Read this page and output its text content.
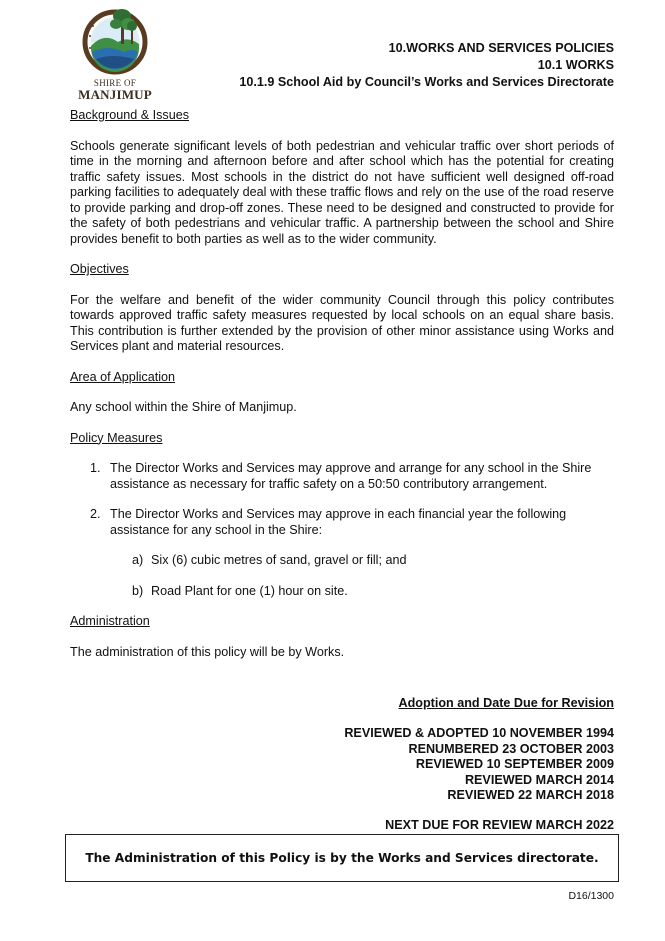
SHIRE OF
MANJIMUP
10.WORKS AND SERVICES POLICIES
10.1 WORKS
10.1.9 School Aid by Council’s Works and Services Directorate
Background & Issues
Schools generate significant levels of both pedestrian and vehicular traffic over short periods of time in the morning and afternoon before and after school which has the potential for creating traffic safety issues. Most schools in the district do not have sufficient well designed off-road parking facilities to adequately deal with these traffic flows and rely on the use of the road reserve to provide parking and drop-off zones. These need to be designed and constructed to provide for the safety of both pedestrians and vehicular traffic. A partnership between the school and Shire provides benefit to both parties as well as to the wider community.
Objectives
For the welfare and benefit of the wider community Council through this policy contributes towards approved traffic safety measures requested by local schools on an equal share basis. This contribution is further extended by the provision of other minor assistance using Works and Services plant and material resources.
Area of Application
Any school within the Shire of Manjimup.
Policy Measures
1. The Director Works and Services may approve and arrange for any school in the Shire assistance as necessary for traffic safety on a 50:50 contributory arrangement.
2. The Director Works and Services may approve in each financial year the following assistance for any school in the Shire:
a) Six (6) cubic metres of sand, gravel or fill; and
b) Road Plant for one (1) hour on site.
Administration
The administration of this policy will be by Works.
Adoption and Date Due for Revision
REVIEWED & ADOPTED 10 NOVEMBER 1994
RENUMBERED 23 OCTOBER 2003
REVIEWED 10 SEPTEMBER 2009
REVIEWED MARCH 2014
REVIEWED 22 MARCH 2018
NEXT DUE FOR REVIEW MARCH 2022
The Administration of this Policy is by the Works and Services directorate.
D16/1300
